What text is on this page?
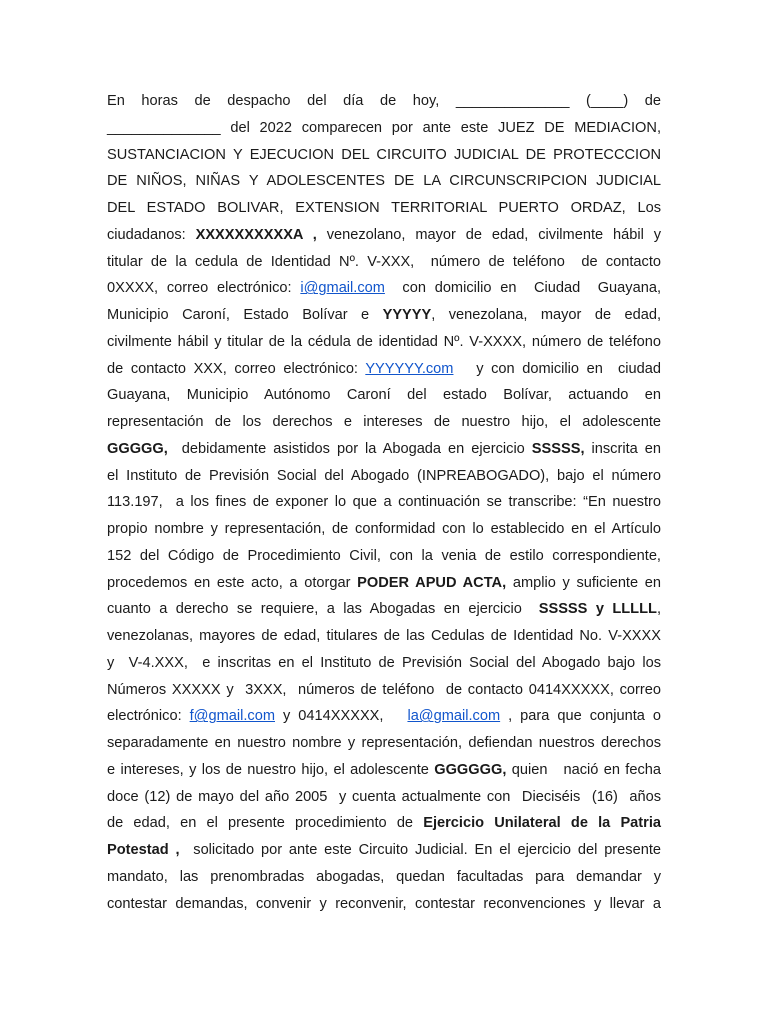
En horas de despacho del día de hoy, ______________ (____) de
______________ del 2022 comparecen por ante este JUEZ DE MEDIACION,
SUSTANCIACION Y EJECUCION DEL CIRCUITO JUDICIAL DE PROTECCCION
DE NIÑOS, NIÑAS Y ADOLESCENTES DE LA CIRCUNSCRIPCION JUDICIAL
DEL ESTADO BOLIVAR, EXTENSION TERRITORIAL PUERTO ORDAZ, Los
ciudadanos: XXXXXXXXXXA , venezolano, mayor de edad, civilmente hábil y
titular de la cedula de Identidad Nº. V-XXX,  número de teléfono  de contacto
0XXXX, correo electrónico: i@gmail.com  con domicilio en  Ciudad  Guayana,
Municipio Caroní, Estado Bolívar e YYYYY, venezolana, mayor de edad,
civilmente hábil y titular de la cédula de identidad Nº. V-XXXX, número de teléfono
de contacto XXX, correo electrónico: YYYYYY.com   y con domicilio en  ciudad
Guayana, Municipio Autónomo Caroní del estado Bolívar, actuando en
representación de los derechos e intereses de nuestro hijo, el adolescente
GGGGG,  debidamente asistidos por la Abogada en ejercicio SSSSS, inscrita en
el Instituto de Previsión Social del Abogado (INPREABOGADO), bajo el número
113.197,  a los fines de exponer lo que a continuación se transcribe: “En nuestro
propio nombre y representación, de conformidad con lo establecido en el Artículo
152 del Código de Procedimiento Civil, con la venia de estilo correspondiente,
procedemos en este acto, a otorgar PODER APUD ACTA, amplio y suficiente en
cuanto a derecho se requiere, a las Abogadas en ejercicio  SSSSS y LLLLL,
venezolanas, mayores de edad, titulares de las Cedulas de Identidad No. V-XXXX
y  V-4.XXX,  e inscritas en el Instituto de Previsión Social del Abogado bajo los
Números XXXXX y  3XXX,  números de teléfono  de contacto 0414XXXXX, correo
electrónico: f@gmail.com y 0414XXXXX,   la@gmail.com , para que conjunta o
separadamente en nuestro nombre y representación, defiendan nuestros derechos
e intereses, y los de nuestro hijo, el adolescente GGGGGG, quien   nació en fecha
doce (12) de mayo del año 2005  y cuenta actualmente con  Dieciséis  (16)  años
de edad, en el presente procedimiento de Ejercicio Unilateral de la Patria
Potestad ,  solicitado por ante este Circuito Judicial. En el ejercicio del presente
mandato, las prenombradas abogadas, quedan facultadas para demandar y
contestar demandas, convenir y reconvenir, contestar reconvenciones y llevar a
